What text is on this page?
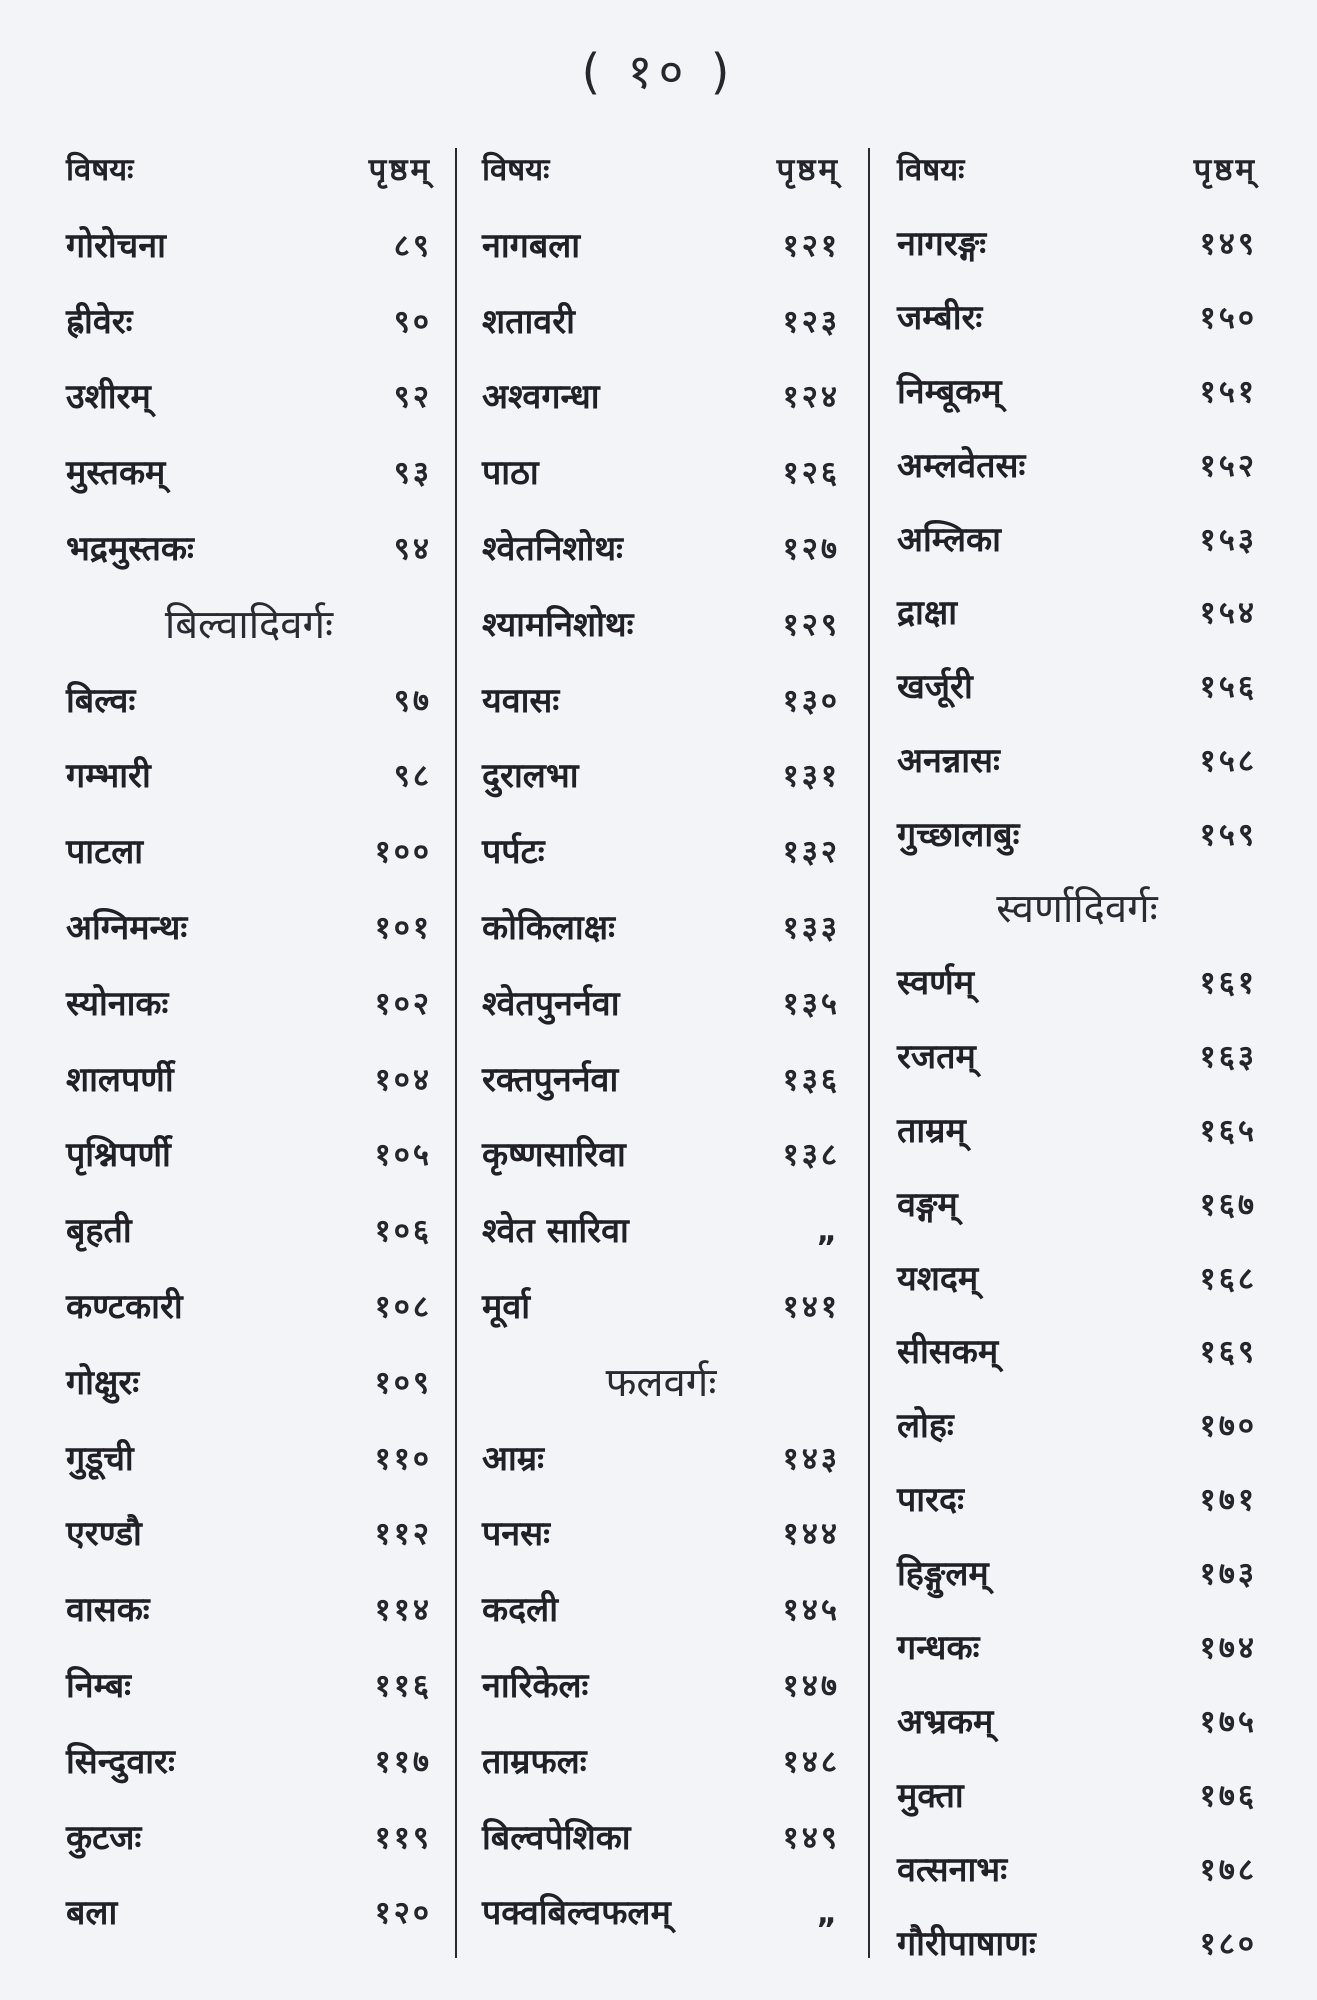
( १० )
विषयः	पृष्ठम्
गोरोचना	८९
ह्रीवेरः	९०
उशीरम्	९२
मुस्तकम्	९३
भद्रमुस्तकः	९४
बिल्वादिवर्गः
बिल्वः	९७
गम्भारी	९८
पाटला	१००
अग्निमन्थः	१०१
स्योनाकः	१०२
शालपर्णी	१०४
पृश्निपर्णी	१०५
बृहती	१०६
कण्टकारी	१०८
गोक्षुरः	१०९
गुडूची	११०
एरण्डौ	११२
वासकः	११४
निम्बः	११६
सिन्दुवारः	११७
कुटजः	११९
बला	१२०
विषयः	पृष्ठम्
नागबला	१२१
शतावरी	१२३
अश्वगन्धा	१२४
पाठा	१२६
श्वेतनिशोथः	१२७
श्यामनिशोथः	१२९
यवासः	१३०
दुरालभा	१३१
पर्पटः	१३२
कोकिलाक्षः	१३३
श्वेतपुनर्नवा	१३५
रक्तपुनर्नवा	१३६
कृष्णसारिवा	१३८
श्वेत सारिवा	„
मूर्वा	१४१
फलवर्गः
आम्रः	१४३
पनसः	१४४
कदली	१४५
नारिकेलः	१४७
ताम्रफलः	१४८
बिल्वपेशिका	१४९
पक्वबिल्वफलम्	„
विषयः	पृष्ठम्
नागरङ्गः	१४९
जम्बीरः	१५०
निम्बूकम्	१५१
अम्लवेतसः	१५२
अम्लिका	१५३
द्राक्षा	१५४
खर्जूरी	१५६
अनन्नासः	१५८
गुच्छालाबुः	१५९
स्वर्णादिवर्गः
स्वर्णम्	१६१
रजतम्	१६३
ताम्रम्	१६५
वङ्गम्	१६७
यशदम्	१६८
सीसकम्	१६९
लोहः	१७०
पारदः	१७१
हिङ्गुलम्	१७३
गन्धकः	१७४
अभ्रकम्	१७५
मुक्ता	१७६
वत्सनाभः	१७८
गौरीपाषाणः	१८०
